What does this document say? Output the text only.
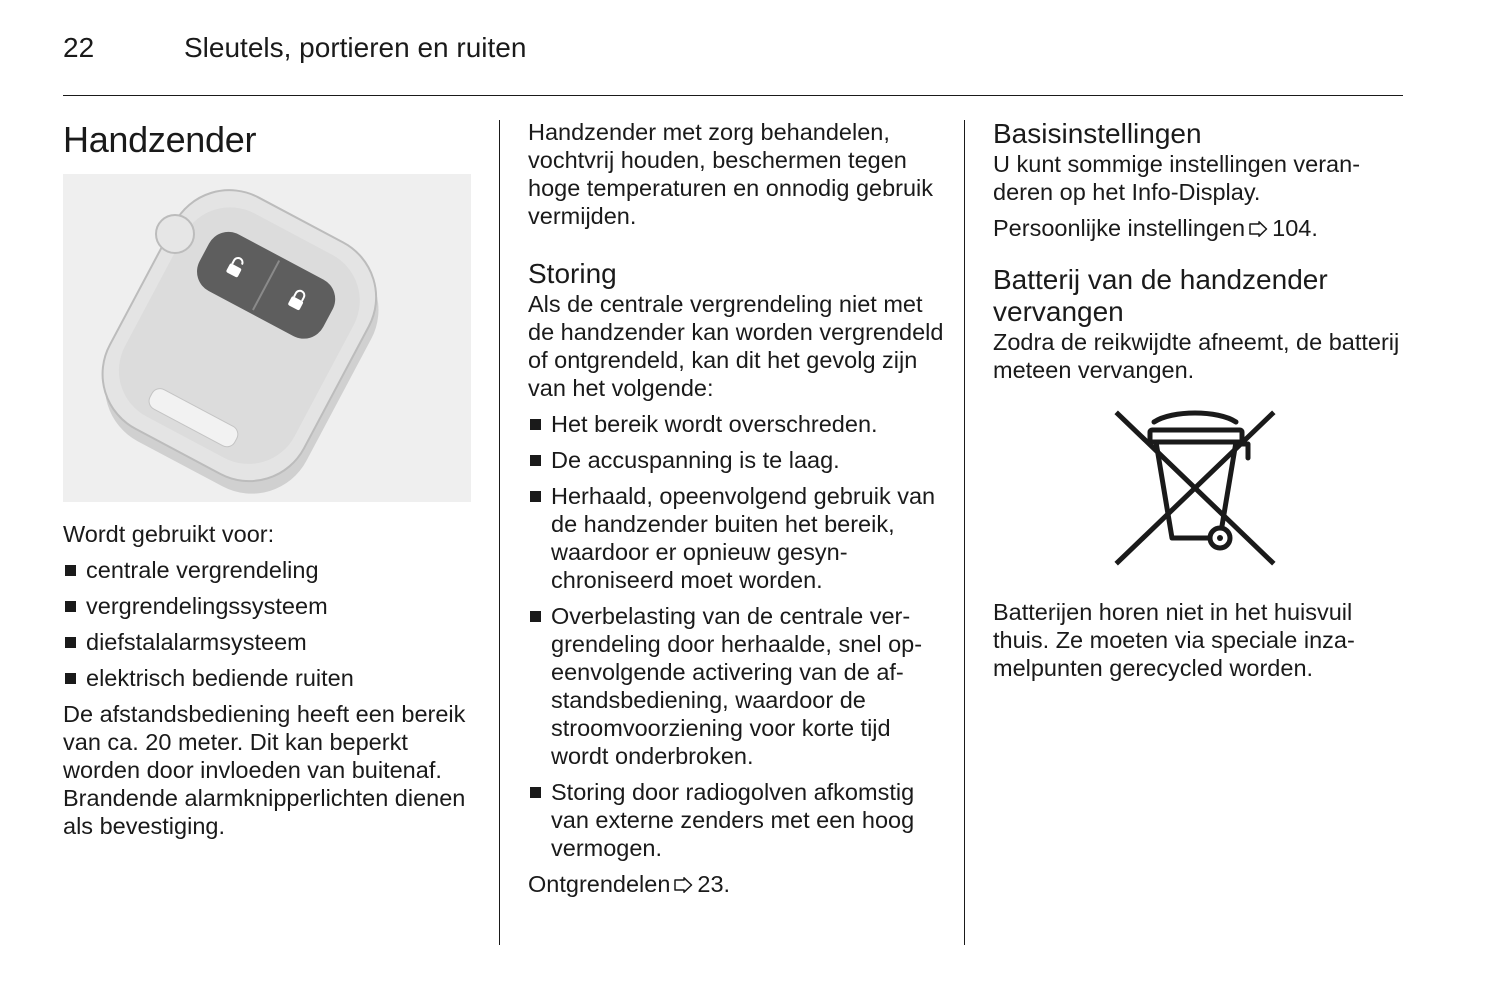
22	Sleutels, portieren en ruiten
Handzender

Wordt gebruikt voor:

centrale vergrendeling
vergrendelingssysteem
diefstalalarmsysteem
elektrisch bediende ruiten

De afstandsbediening heeft een bereik van ca. 20 meter. Dit kan beperkt worden door invloeden van buitenaf. Brandende alarmknipperlichten dienen als bevestiging.

Handzender met zorg behandelen, vochtvrij houden, beschermen tegen hoge temperaturen en onnodig gebruik vermijden.

Storing

Als de centrale vergrendeling niet met de handzender kan worden vergrendeld of ontgrendeld, kan dit het gevolg zijn van het volgende:

Het bereik wordt overschreden.
De accuspanning is te laag.
Herhaald, opeenvolgend gebruik van de handzender buiten het bereik, waardoor er opnieuw gesynchroniseerd moet worden.
Overbelasting van de centrale vergrendeling door herhaalde, snel opeenvolgende activering van de afstandsbediening, waardoor de stroomvoorziening voor korte tijd wordt onderbroken.
Storing door radiogolven afkomstig van externe zenders met een hoog vermogen.

Ontgrendelen 23.

Basisinstellingen

U kunt sommige instellingen veranderen op het Info-Display.

Persoonlijke instellingen 104.

Batterij van de handzender vervangen

Zodra de reikwijdte afneemt, de batterij meteen vervangen.

Batterijen horen niet in het huisvuil thuis. Ze moeten via speciale inzamelpunten gerecycled worden.
